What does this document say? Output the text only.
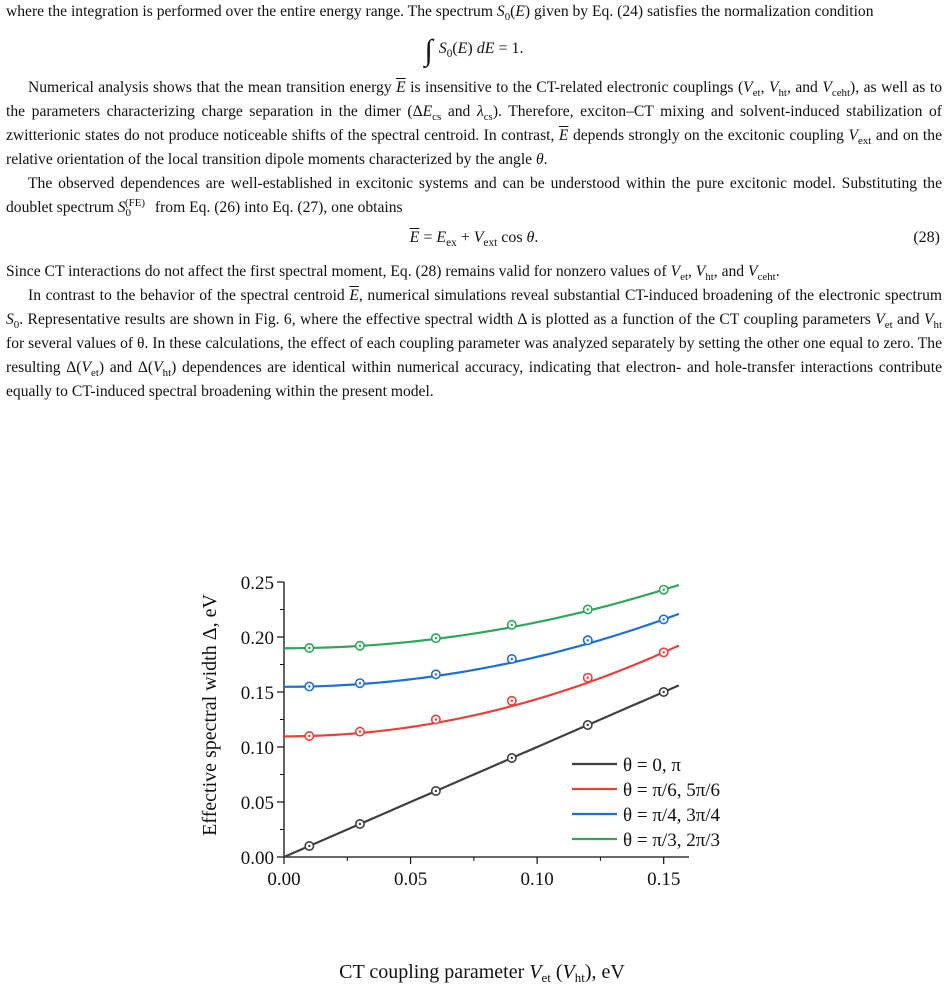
where the integration is performed over the entire energy range. The spectrum $S_0(E)$ given by Eq. (24) satisfies the normalization condition

∫ $S_0(E)$ dE = 1.

Numerical analysis shows that the mean transition energy $\overline{E}$ is insensitive to the CT-related electronic couplings ($V_{et}$, $V_{ht}$, and $V_{ceht}$), as well as to the parameters characterizing charge separation in the dimer ($\Delta E_{cs}$ and $\lambda_{cs}$). Therefore, exciton–CT mixing and solvent-induced stabilization of zwitterionic states do not produce noticeable shifts of the spectral centroid. In contrast, $\overline{E}$ depends strongly on the excitonic coupling $V_{ext}$ and on the relative orientation of the local transition dipole moments characterized by the angle θ.

The observed dependences are well-established in excitonic systems and can be understood within the pure excitonic model. Substituting the doublet spectrum $S_0^{(FE)}$ from Eq. (26) into Eq. (27), one obtains

$\overline{E} = E_{ex} + V_{ext}$ cos θ.	(28)

Since CT interactions do not affect the first spectral moment, Eq. (28) remains valid for nonzero values of $V_{et}$, $V_{ht}$, and $V_{ceht}$.

In contrast to the behavior of the spectral centroid $\overline{E}$, numerical simulations reveal substantial CT-induced broadening of the electronic spectrum $S_0$. Representative results are shown in Fig. 6, where the effective spectral width Δ is plotted as a function of the CT coupling parameters $V_{et}$ and $V_{ht}$ for several values of θ. In these calculations, the effect of each coupling parameter was analyzed separately by setting the other one equal to zero. The resulting $\Delta(V_{et})$ and $\Delta(V_{ht})$ dependences are identical within numerical accuracy, indicating that electron- and hole-transfer interactions contribute equally to CT-induced spectral broadening within the present model.

0.00	0.05	0.10	0.15
0.00
0.05
0.10
0.15
0.20
0.25
θ = 0, π
θ = π/6, 5π/6
θ = π/4, 3π/4
θ = π/3, 2π/3
Effective spectral width Δ, eV
CT coupling parameter $V_{et}$ $(V_{ht})$, eV
